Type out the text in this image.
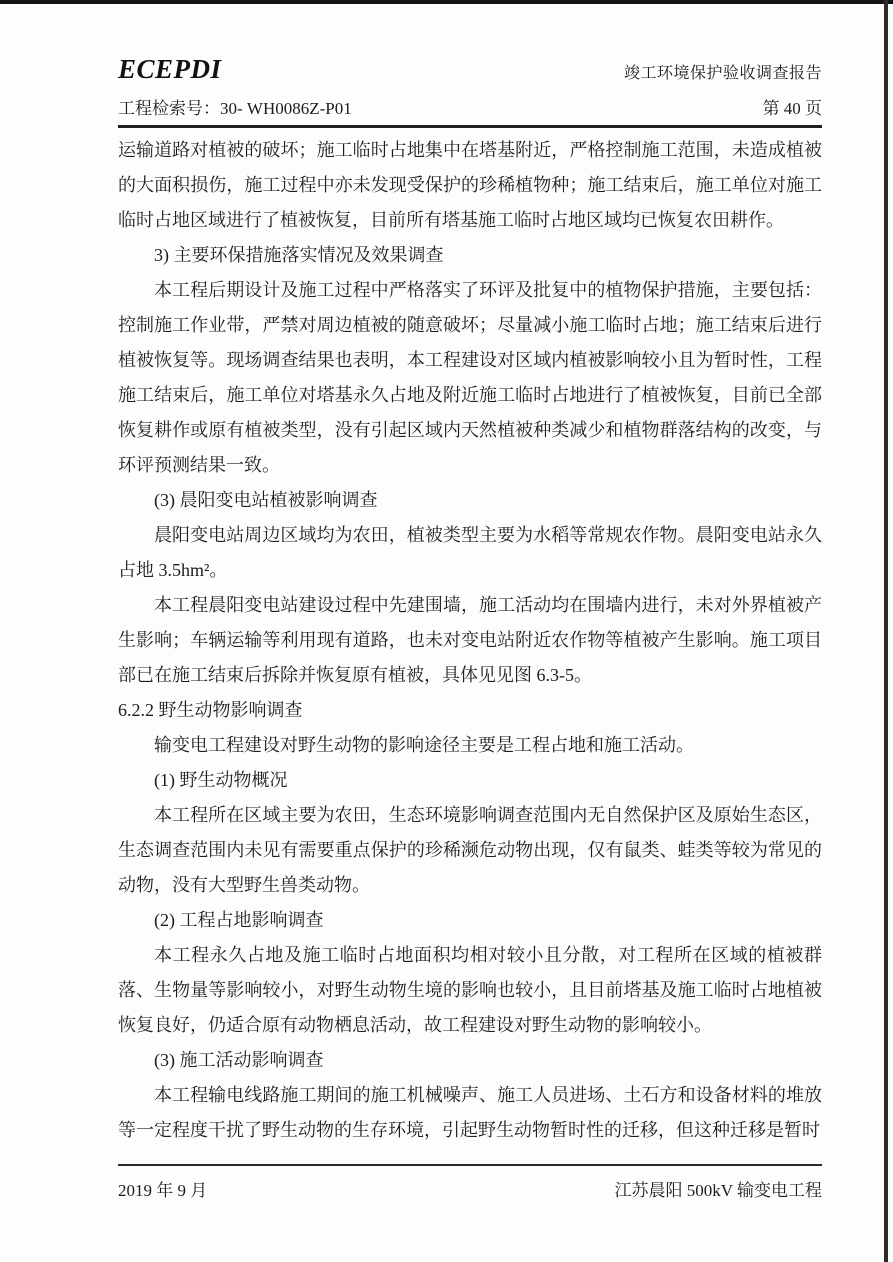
ECEPDI	竣工环境保护验收调查报告
工程检索号：30- WH0086Z-P01	第 40 页

运输道路对植被的破坏；施工临时占地集中在塔基附近，严格控制施工范围，未造成植被的大面积损伤，施工过程中亦未发现受保护的珍稀植物种；施工结束后，施工单位对施工临时占地区域进行了植被恢复，目前所有塔基施工临时占地区域均已恢复农田耕作。

3) 主要环保措施落实情况及效果调查

本工程后期设计及施工过程中严格落实了环评及批复中的植物保护措施，主要包括：控制施工作业带，严禁对周边植被的随意破坏；尽量减小施工临时占地；施工结束后进行植被恢复等。现场调查结果也表明，本工程建设对区域内植被影响较小且为暂时性，工程施工结束后，施工单位对塔基永久占地及附近施工临时占地进行了植被恢复，目前已全部恢复耕作或原有植被类型，没有引起区域内天然植被种类减少和植物群落结构的改变，与环评预测结果一致。

(3) 晨阳变电站植被影响调查

晨阳变电站周边区域均为农田，植被类型主要为水稻等常规农作物。晨阳变电站永久占地 3.5hm²。

本工程晨阳变电站建设过程中先建围墙，施工活动均在围墙内进行，未对外界植被产生影响；车辆运输等利用现有道路，也未对变电站附近农作物等植被产生影响。施工项目部已在施工结束后拆除并恢复原有植被，具体见见图 6.3-5。

6.2.2 野生动物影响调查

输变电工程建设对野生动物的影响途径主要是工程占地和施工活动。

(1) 野生动物概况

本工程所在区域主要为农田，生态环境影响调查范围内无自然保护区及原始生态区，生态调查范围内未见有需要重点保护的珍稀濒危动物出现，仅有鼠类、蛙类等较为常见的动物，没有大型野生兽类动物。

(2) 工程占地影响调查

本工程永久占地及施工临时占地面积均相对较小且分散，对工程所在区域的植被群落、生物量等影响较小，对野生动物生境的影响也较小，且目前塔基及施工临时占地植被恢复良好，仍适合原有动物栖息活动，故工程建设对野生动物的影响较小。

(3) 施工活动影响调查

本工程输电线路施工期间的施工机械噪声、施工人员进场、土石方和设备材料的堆放等一定程度干扰了野生动物的生存环境，引起野生动物暂时性的迁移，但这种迁移是暂时

2019 年 9 月	江苏晨阳 500kV 输变电工程
